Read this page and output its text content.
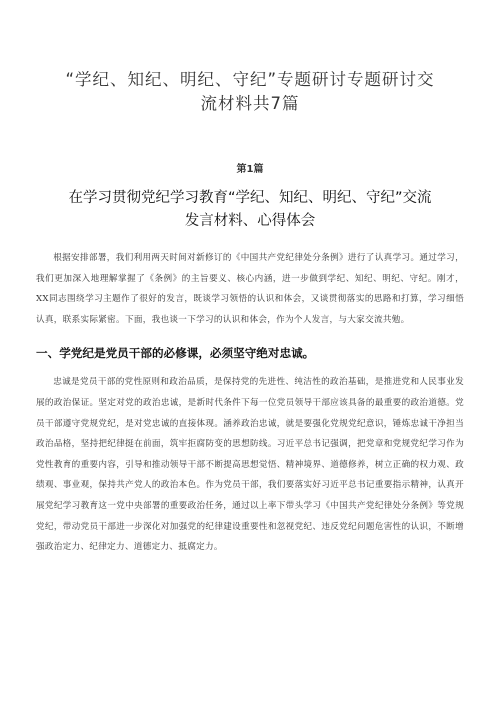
“学纪、知纪、明纪、守纪”专题研讨专题研讨交
流材料共7篇
第1篇
在学习贯彻党纪学习教育“学纪、知纪、明纪、守纪”交流
发言材料、心得体会

根据安排部署，我们利用两天时间对新修订的《中国共产党纪律处分条例》进行了认真学习。通过学习，我们更加深入地理解掌握了《条例》的主旨要义、核心内涵，进一步做到学纪、知纪、明纪、守纪。刚才，XX同志围绕学习主题作了很好的发言，既谈学习领悟的认识和体会，又谈贯彻落实的思路和打算，学习细悟认真，联系实际紧密。下面，我也谈一下学习的认识和体会，作为个人发言，与大家交流共勉。

一、学党纪是党员干部的必修课，必须坚守绝对忠诚。

忠诚是党员干部的党性原则和政治品质，是保持党的先进性、纯洁性的政治基础，是推进党和人民事业发展的政治保证。坚定对党的政治忠诚，是新时代条件下每一位党员领导干部应该具备的最重要的政治道德。党员干部遵守党规党纪，是对党忠诚的直接体现。涵养政治忠诚，就是要强化党规党纪意识，锤炼忠诚干净担当政治品格，坚持把纪律挺在前面，筑牢拒腐防变的思想防线。习近平总书记强调，把党章和党规党纪学习作为党性教育的重要内容，引导和推动领导干部不断提高思想觉悟、精神境界、道德修养，树立正确的权力观、政绩观、事业观，保持共产党人的政治本色。作为党员干部，我们要落实好习近平总书记重要指示精神，认真开展党纪学习教育这一党中央部署的重要政治任务，通过以上率下带头学习《中国共产党纪律处分条例》等党规党纪，带动党员干部进一步深化对加强党的纪律建设重要性和忽视党纪、违反党纪问题危害性的认识，不断增强政治定力、纪律定力、道德定力、抵腐定力。
